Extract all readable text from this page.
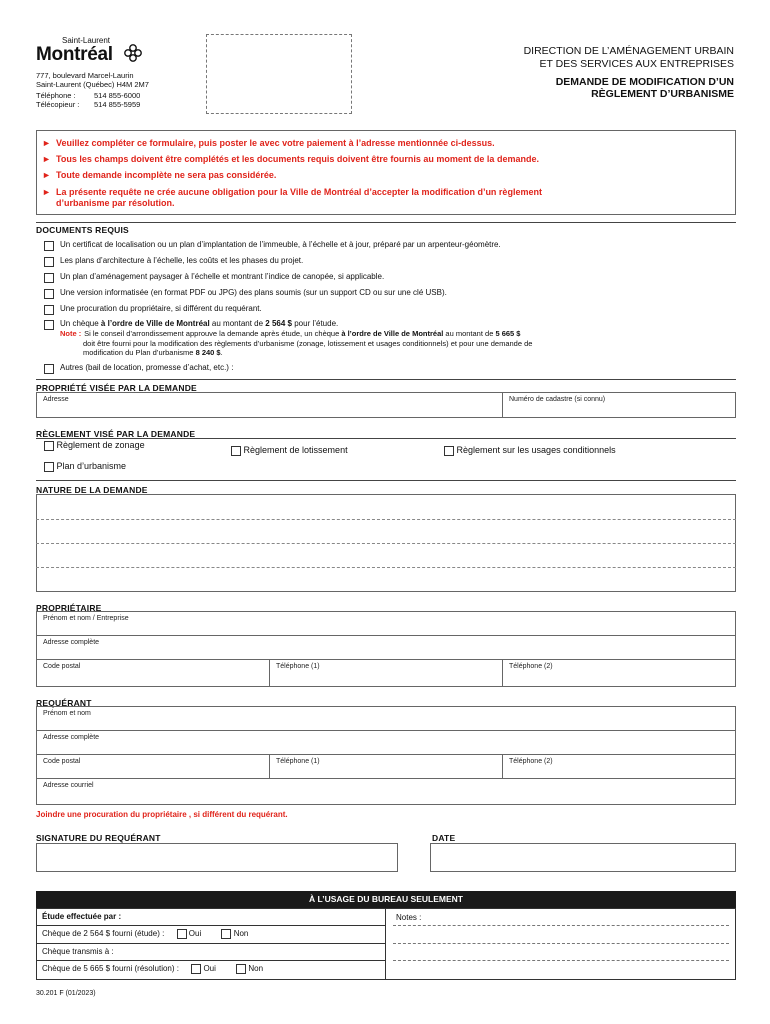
Saint-Laurent
Montréal
777, boulevard Marcel-Laurin
Saint-Laurent (Québec) H4M 2M7
Téléphone : 514 855-6000
Télécopieur : 514 855-5959
DIRECTION DE L’AMÉNAGEMENT URBAIN
ET DES SERVICES AUX ENTREPRISES
DEMANDE DE MODIFICATION D’UN
RÈGLEMENT D’URBANISME
► Veuillez compléter ce formulaire, puis poster le avec votre paiement à l’adresse mentionnée ci-dessus.
► Tous les champs doivent être complétés et les documents requis doivent être fournis au moment de la demande.
► Toute demande incomplète ne sera pas considérée.
► La présente requête ne crée aucune obligation pour la Ville de Montréal d’accepter la modification d’un règlement
d’urbanisme par résolution.
DOCUMENTS REQUIS
Un certificat de localisation ou un plan d’implantation de l’immeuble, à l’échelle et à jour, préparé par un arpenteur-géomètre.
Les plans d’architecture à l’échelle, les coûts et les phases du projet.
Un plan d’aménagement paysager à l’échelle et montrant l’indice de canopée, si applicable.
Une version informatisée (en format PDF ou JPG) des plans soumis (sur un support CD ou sur une clé USB).
Une procuration du propriétaire, si différent du requérant.
Un chèque à l’ordre de Ville de Montréal au montant de 2 564 $ pour l’étude.
Note : Si le conseil d’arrondissement approuve la demande après étude, un chèque à l’ordre de Ville de Montréal au montant de 5 665 $
doit être fourni pour la modification des règlements d’urbanisme (zonage, lotissement et usages conditionnels) et pour une demande de
modification du Plan d’urbanisme 8 240 $.
Autres (bail de location, promesse d’achat, etc.) :
PROPRIÉTÉ VISÉE PAR LA DEMANDE
Adresse	Numéro de cadastre (si connu)
RÈGLEMENT VISÉ PAR LA DEMANDE
Règlement de zonage	Règlement de lotissement	Règlement sur les usages conditionnels
Plan d’urbanisme
NATURE DE LA DEMANDE
PROPRIÉTAIRE
Prénom et nom / Entreprise
Adresse complète
Code postal	Téléphone (1)	Téléphone (2)
REQUÉRANT
Prénom et nom
Adresse complète
Code postal	Téléphone (1)	Téléphone (2)
Adresse courriel
Joindre une procuration du propriétaire , si différent du requérant.
SIGNATURE DU REQUÉRANT	DATE
À L’USAGE DU BUREAU SEULEMENT
Étude effectuée par :	Notes :
Chèque de 2 564 $ fourni (étude) :	Oui	Non
Chèque transmis à :
Chèque de 5 665 $ fourni (résolution) :	Oui	Non
30.201 F (01/2023)
